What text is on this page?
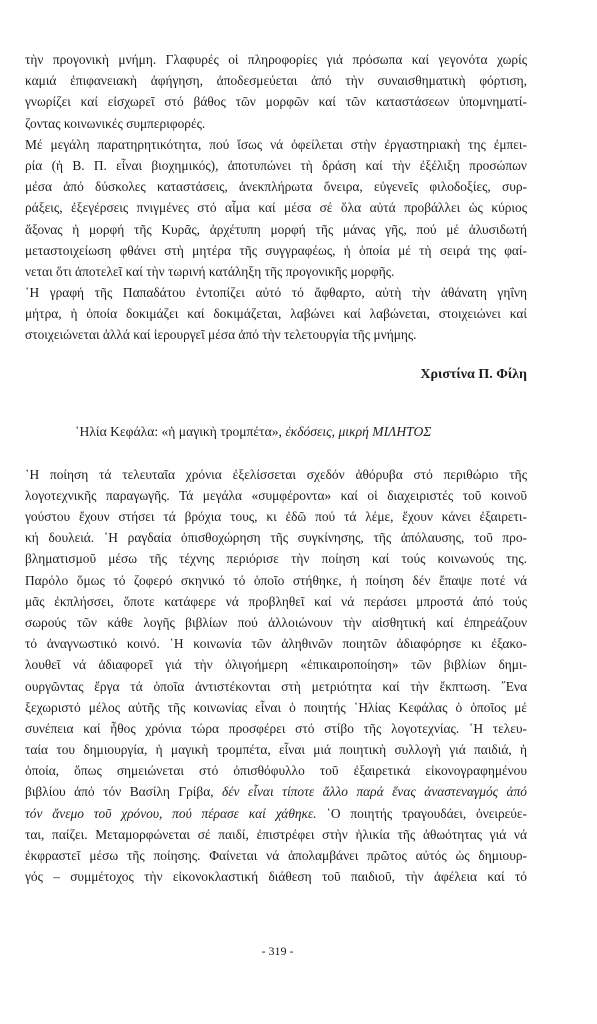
τὴν προγονικὴ μνήμη. Γλαφυρές οἱ πληροφορίες γιά πρόσωπα καί γεγονότα χωρίς
καμιά ἐπιφανειακὴ ἀφήγηση, ἀποδεσμεύεται ἀπό τὴν συναισθηματικὴ φόρτιση,
γνωρίζει καί εἰσχωρεῖ στό βάθος τῶν μορφῶν καί τῶν καταστάσεων ὑπομνηματί-
ζοντας κοινωνικές συμπεριφορές.
Μέ μεγάλη παρατηρητικότητα, πού ἴσως νά ὀφείλεται στὴν ἐργαστηριακὴ της ἐμπει-
ρία (ἡ Β. Π. εἶναι βιοχημικός), ἀποτυπώνει τὴ δράση καί τὴν ἐξέλιξη προσώπων
μέσα ἀπό δύσκολες καταστάσεις, ἀνεκπλήρωτα ὄνειρα, εὐγενεῖς φιλοδοξίες, συρ-
ράξεις, ἐξεγέρσεις πνιγμένες στό αἷμα καί μέσα σέ ὅλα αὐτά προβάλλει ὡς κύριος
ἄξονας ἡ μορφή τῆς Κυρᾶς, ἀρχέτυπη μορφή τῆς μάνας γῆς, πού μέ ἀλυσιδωτή
μεταστοιχείωση φθάνει στὴ μητέρα τῆς συγγραφέως, ἡ ὁποία μέ τὴ σειρά της φαί-
νεται ὅτι ἀποτελεῖ καί τὴν τωρινή κατάληξη τῆς προγονικῆς μορφῆς.
῾Η γραφή τῆς Παπαδάτου ἐντοπίζει αὐτό τό ἄφθαρτο, αὐτὴ τὴν ἀθάνατη γηΐνη
μήτρα, ἡ ὁποία δοκιμάζει καί δοκιμάζεται, λαβώνει καί λαβώνεται, στοιχειώνει καί
στοιχειώνεται ἀλλά καί ἱερουργεῖ μέσα ἀπό τὴν τελετουργία τῆς μνήμης.
Χριστίνα Π. Φίλη
῾Ηλία Κεφάλα: «ἡ μαγικὴ τρομπέτα», ἐκδόσεις, μικρή ΜΙΛΗΤΟΣ
῾Η ποίηση τά τελευταῖα χρόνια ἐξελίσσεται σχεδόν ἀθόρυβα στό περιθώριο τῆς
λογοτεχνικῆς παραγωγῆς. Τά μεγάλα «συμφέροντα» καί οἱ διαχειριστές τοῦ κοινοῦ
γούστου ἔχουν στήσει τά βρόχια τους, κι ἐδῶ πού τά λέμε, ἔχουν κάνει ἐξαιρετι-
κή δουλειά. ῾Η ραγδαία ὀπισθοχώρηση τῆς συγκίνησης, τῆς ἀπόλαυσης, τοῦ προ-
βληματισμοῦ μέσω τῆς τέχνης περιόρισε τὴν ποίηση καί τούς κοινωνούς της.
Παρόλο ὅμως τό ζοφερό σκηνικό τό ὁποῖο στήθηκε, ἡ ποίηση δέν ἔπαψε ποτέ νά
μᾶς ἐκπλήσσει, ὅποτε κατάφερε νά προβληθεῖ καί νά περάσει μπροστά ἀπό τούς
σωρούς τῶν κάθε λογῆς βιβλίων πού ἀλλοιώνουν τὴν αἰσθητική καί ἐπηρεάζουν
τό ἀναγνωστικό κοινό. ῾Η κοινωνία τῶν ἀληθινῶν ποιητῶν ἀδιαφόρησε κι ἐξακο-
λουθεῖ νά ἀδιαφορεῖ γιά τὴν ὀλιγοήμερη «ἐπικαιροποίηση» τῶν βιβλίων δημι-
ουργῶντας ἔργα τά ὁποῖα ἀντιστέκονται στὴ μετριότητα καί τὴν ἔκπτωση. ῎Ενα
ξεχωριστό μέλος αὐτῆς τῆς κοινωνίας εἶναι ὁ ποιητής ῾Ηλίας Κεφάλας ὁ ὁποῖος μέ
συνέπεια καί ἦθος χρόνια τώρα προσφέρει στό στίβο τῆς λογοτεχνίας. ῾Η τελευ-
ταία του δημιουργία, ἡ μαγικὴ τρομπέτα, εἶναι μιά ποιητικὴ συλλογὴ γιά παιδιά, ἡ
ὁποία, ὅπως σημειώνεται στό ὀπισθόφυλλο τοῦ ἐξαιρετικά εἰκονογραφημένου
βιβλίου ἀπό τόν Βασίλη Γρίβα, δέν εἶναι τίποτε ἄλλο παρά ἕνας ἀναστεναγμός ἀπό
τόν ἄνεμο τοῦ χρόνου, πού πέρασε καί χάθηκε. ῾Ο ποιητής τραγουδάει, ὀνειρεύε-
ται, παίζει. Μεταμορφώνεται σέ παιδί, ἐπιστρέφει στὴν ἡλικία τῆς ἀθωότητας γιά νά
ἐκφραστεῖ μέσω τῆς ποίησης. Φαίνεται νά ἀπολαμβάνει πρῶτος αὐτός ὡς δημιουρ-
γός – συμμέτοχος τὴν εἰκονοκλαστική διάθεση τοῦ παιδιοῦ, τὴν ἀφέλεια καί τό
- 319 -
